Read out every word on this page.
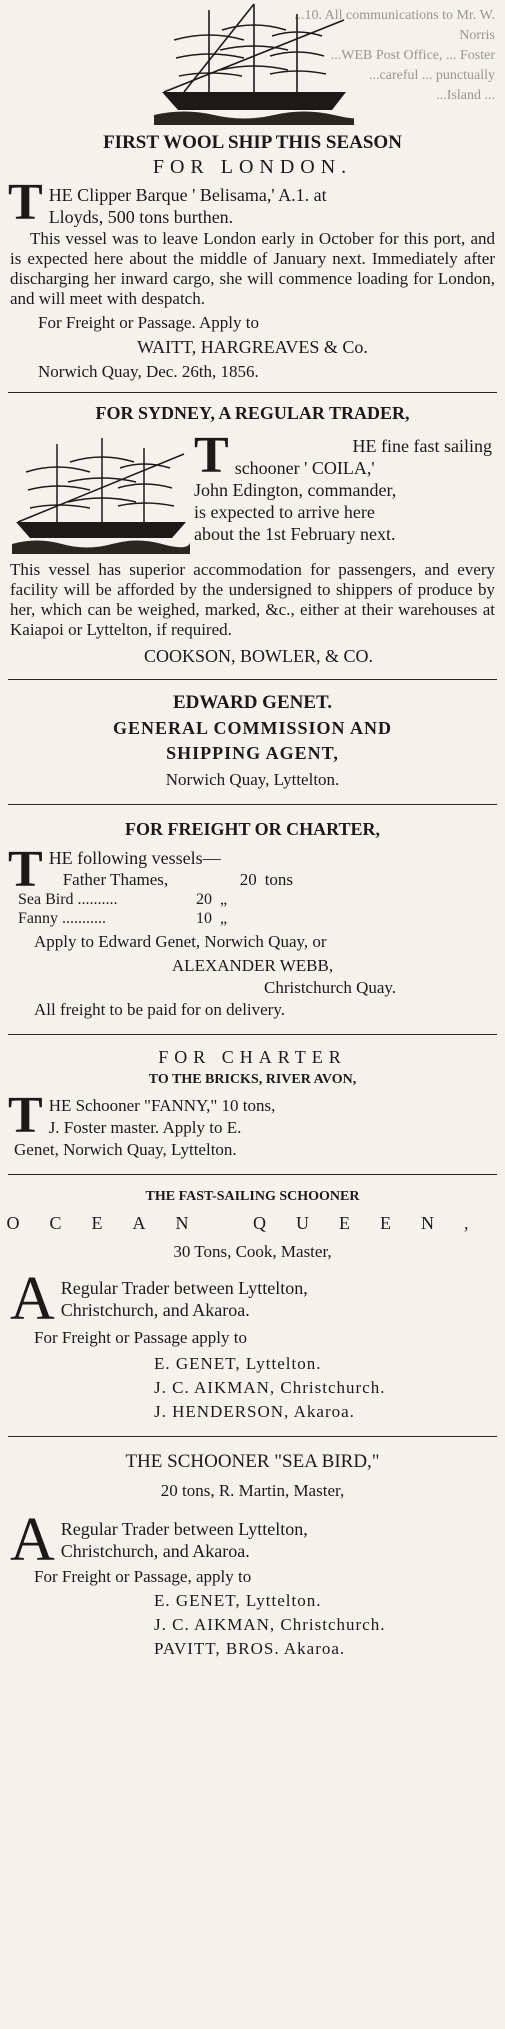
...10. All communications to Mr. W. Norris
...WEB Post Office, ... Foster
...careful ... punctually
...Island ...
FIRST WOOL SHIP THIS SEASON
FOR LONDON.
T HE Clipper Barque ' Belisama,' A.1. at
Lloyds, 500 tons burthen.

This vessel was to leave London early in October for this port, and is expected here about the middle of January next. Immediately after discharging her inward cargo, she will commence loading for London, and will meet with despatch.

For Freight or Passage. Apply to
WAITT, HARGREAVES & Co.
Norwich Quay, Dec. 26th, 1856.
FOR SYDNEY, A REGULAR TRADER,
T	HE fine fast sailing
schooner ' COILA,'
John Edington, commander,
is expected to arrive here
about the 1st February next.

This vessel has superior accommodation for passengers, and every facility will be afforded by the undersigned to shippers of produce by her, which can be weighed, marked, &c., either at their warehouses at Kaiapoi or Lyttelton, if required.

COOKSON, BOWLER, & CO.
EDWARD GENET.
GENERAL COMMISSION AND
SHIPPING AGENT,
Norwich Quay, Lyttelton.
FOR FREIGHT OR CHARTER,
T HE following vessels—
Father Thames,	20 tons
Sea Bird ..........	20 „
Fanny ...........	10 „
Apply to Edward Genet, Norwich Quay, or
ALEXANDER WEBB,
Christchurch Quay.
All freight to be paid for on delivery.
FOR CHARTER
TO THE BRICKS, RIVER AVON,
T HE Schooner "FANNY," 10 tons,
J. Foster master. Apply to E.
Genet, Norwich Quay, Lyttelton.
THE FAST-SAILING SCHOONER
OCEAN QUEEN,
30 Tons, Cook, Master,
A Regular Trader between Lyttelton,
Christchurch, and Akaroa.
For Freight or Passage apply to
E. GENET, Lyttelton.
J. C. AIKMAN, Christchurch.
J. HENDERSON, Akaroa.
THE SCHOONER "SEA BIRD,"
20 tons, R. Martin, Master,
A Regular Trader between Lyttelton,
Christchurch, and Akaroa.
For Freight or Passage, apply to
E. GENET, Lyttelton.
J. C. AIKMAN, Christchurch.
PAVITT, BROS. Akaroa.
